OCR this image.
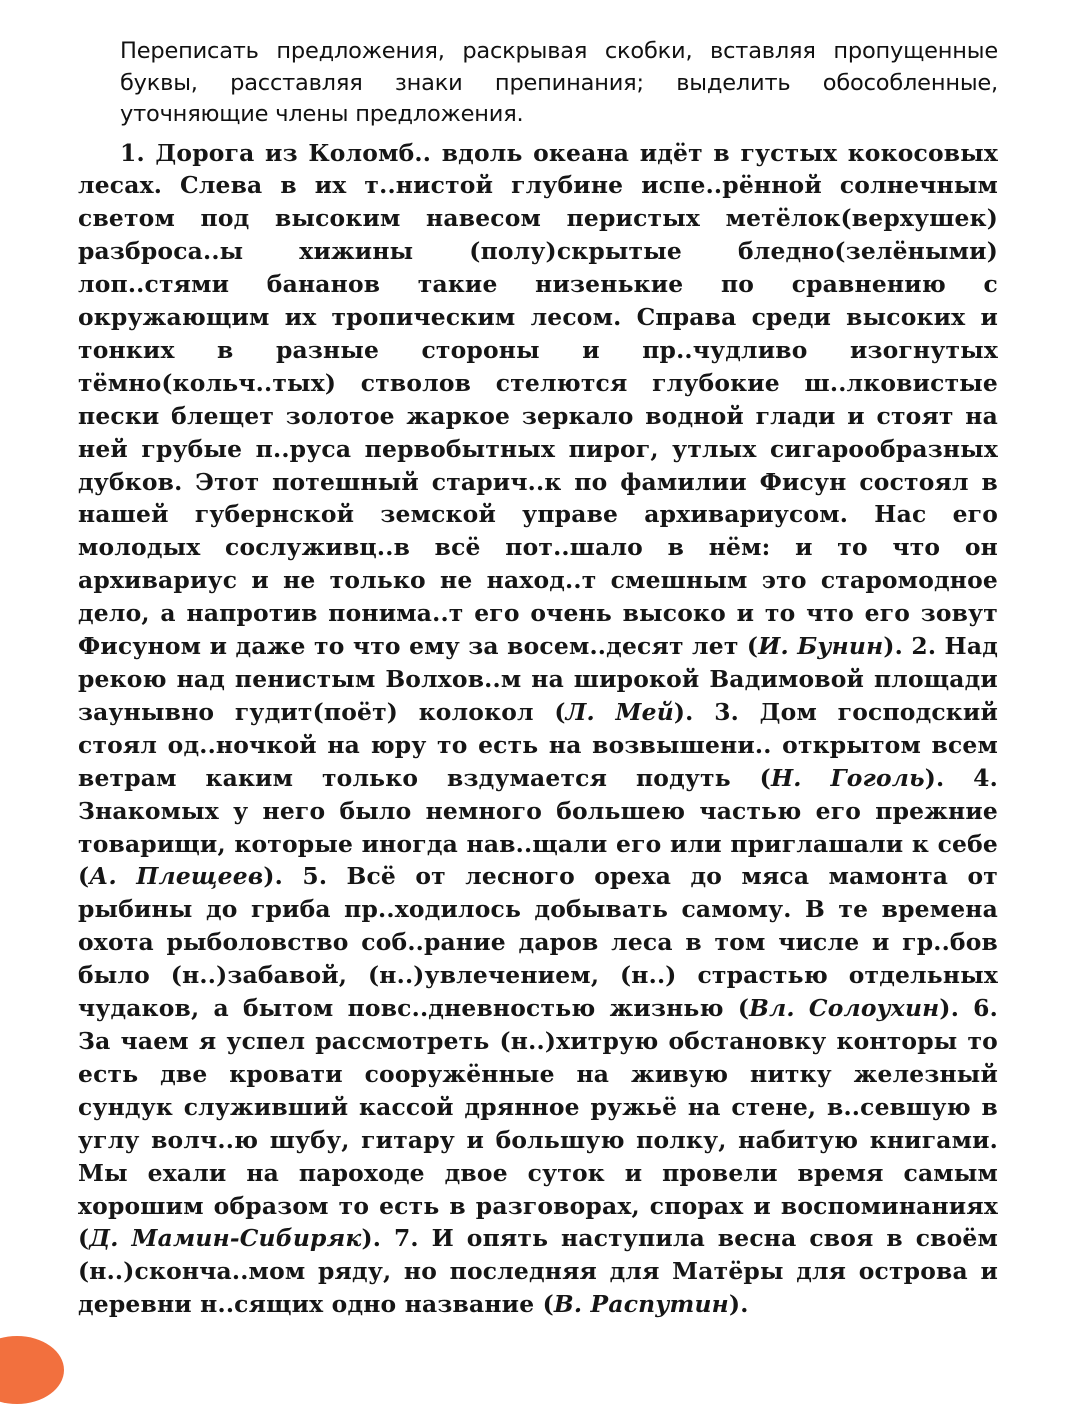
Переписать предложения, раскрывая скобки, вставляя пропущенные буквы, расставляя знаки препинания; выделить обособленные, уточняющие члены предложения.

1. Дорога из Коломб.. вдоль океана идёт в густых кокосовых лесах. Слева в их т..нистой глубине испе..рённой солнечным светом под высоким навесом перистых метёлок(верхушек) разброса..ы хижины (полу)скрытые бледно(зелёными) лоп..стями бананов такие низенькие по сравнению с окружающим их тропическим лесом. Справа среди высоких и тонких в разные стороны и пр..чудливо изогнутых тёмно(кольч..тых) стволов стелются глубокие ш..лковистые пески блещет золотое жаркое зеркало водной глади и стоят на ней грубые п..руса первобытных пирог, утлых сигарообразных дубков. Этот потешный старич..к по фамилии Фисун состоял в нашей губернской земской управе архивариусом. Нас его молодых сослуживц..в всё пот..шало в нём: и то что он архивариус и не только не наход..т смешным это старомодное дело, а напротив понима..т его очень высоко и то что его зовут Фисуном и даже то что ему за восем..десят лет (И. Бунин). 2. Над рекою над пенистым Волхов..м на широкой Вадимовой площади заунывно гудит(поёт) колокол (Л. Мей). 3. Дом господский стоял од..ночкой на юру то есть на возвышени.. открытом всем ветрам каким только вздумается подуть (Н. Гоголь). 4. Знакомых у него было немного большею частью его прежние товарищи, которые иногда нав..щали его или приглашали к себе (А. Плещеев). 5. Всё от лесного ореха до мяса мамонта от рыбины до гриба пр..ходилось добывать самому. В те времена охота рыболовство соб..рание даров леса в том числе и гр..бов было (н..)забавой, (н..)увлечением, (н..) страстью отдельных чудаков, а бытом повс..дневностью жизнью (Вл. Солоухин). 6. За чаем я успел рассмотреть (н..)хитрую обстановку конторы то есть две кровати сооружённые на живую нитку железный сундук служивший кассой дрянное ружьё на стене, в..севшую в углу волч..ю шубу, гитару и большую полку, набитую книгами. Мы ехали на пароходе двое суток и провели время самым хорошим образом то есть в разговорах, спорах и воспоминаниях (Д. Мамин-Сибиряк). 7. И опять наступила весна своя в своём (н..)сконча..мом ряду, но последняя для Матёры для острова и деревни н..сящих одно название (В. Распутин).
